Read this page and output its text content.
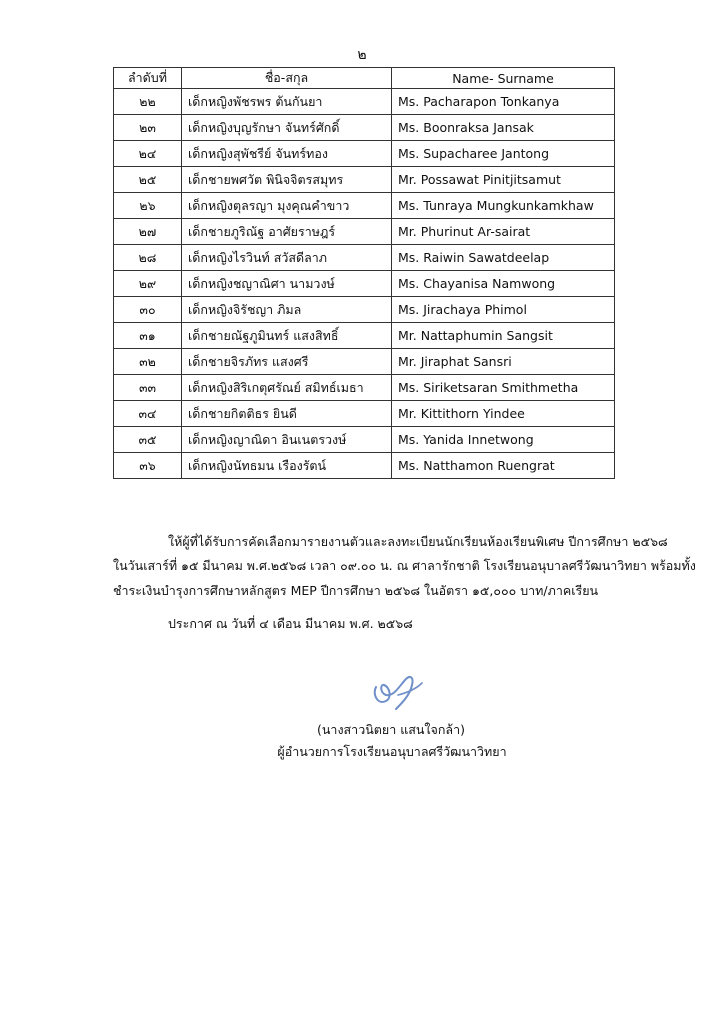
๒
ลำดับที่	ชื่อ-สกุล	Name- Surname
๒๒	เด็กหญิงพัชรพร ต้นกันยา	Ms. Pacharapon Tonkanya
๒๓	เด็กหญิงบุญรักษา จันทร์ศักดิ์	Ms. Boonraksa Jansak
๒๔	เด็กหญิงสุพัชรีย์ จันทร์ทอง	Ms. Supacharee Jantong
๒๕	เด็กชายพศวัต พินิจจิตรสมุทร	Mr. Possawat Pinitjitsamut
๒๖	เด็กหญิงตุลรญา มุงคุณคำขาว	Ms. Tunraya Mungkunkamkhaw
๒๗	เด็กชายภูริณัฐ อาศัยราษฎร์	Mr. Phurinut Ar-sairat
๒๘	เด็กหญิงไรวินท์ สวัสดีลาภ	Ms. Raiwin Sawatdeelap
๒๙	เด็กหญิงชญาณิศา นามวงษ์	Ms. Chayanisa Namwong
๓๐	เด็กหญิงจิรัชญา ภิมล	Ms. Jirachaya Phimol
๓๑	เด็กชายณัฐภูมินทร์ แสงสิทธิ์	Mr. Nattaphumin Sangsit
๓๒	เด็กชายจิรภัทร แสงศรี	Mr. Jiraphat Sansri
๓๓	เด็กหญิงสิริเกตุศรัณย์ สมิทธ์เมธา	Ms. Siriketsaran Smithmetha
๓๔	เด็กชายกิตติธร ยินดี	Mr. Kittithorn Yindee
๓๕	เด็กหญิงญาณิดา อินเนตรวงษ์	Ms. Yanida Innetwong
๓๖	เด็กหญิงนัทธมน เรืองรัตน์	Ms. Natthamon Ruengrat
ให้ผู้ที่ได้รับการคัดเลือกมารายงานตัวและลงทะเบียนนักเรียนห้องเรียนพิเศษ ปีการศึกษา ๒๕๖๘
ในวันเสาร์ที่ ๑๕ มีนาคม พ.ศ.๒๕๖๘ เวลา ๐๙.๐๐ น. ณ ศาลารักชาติ โรงเรียนอนุบาลศรีวัฒนาวิทยา พร้อมทั้ง
ชำระเงินบำรุงการศึกษาหลักสูตร MEP ปีการศึกษา ๒๕๖๘ ในอัตรา ๑๕,๐๐๐ บาท/ภาคเรียน
ประกาศ ณ วันที่ ๔ เดือน มีนาคม พ.ศ. ๒๕๖๘
(นางสาวนิตยา แสนใจกล้า)
ผู้อำนวยการโรงเรียนอนุบาลศรีวัฒนาวิทยา
